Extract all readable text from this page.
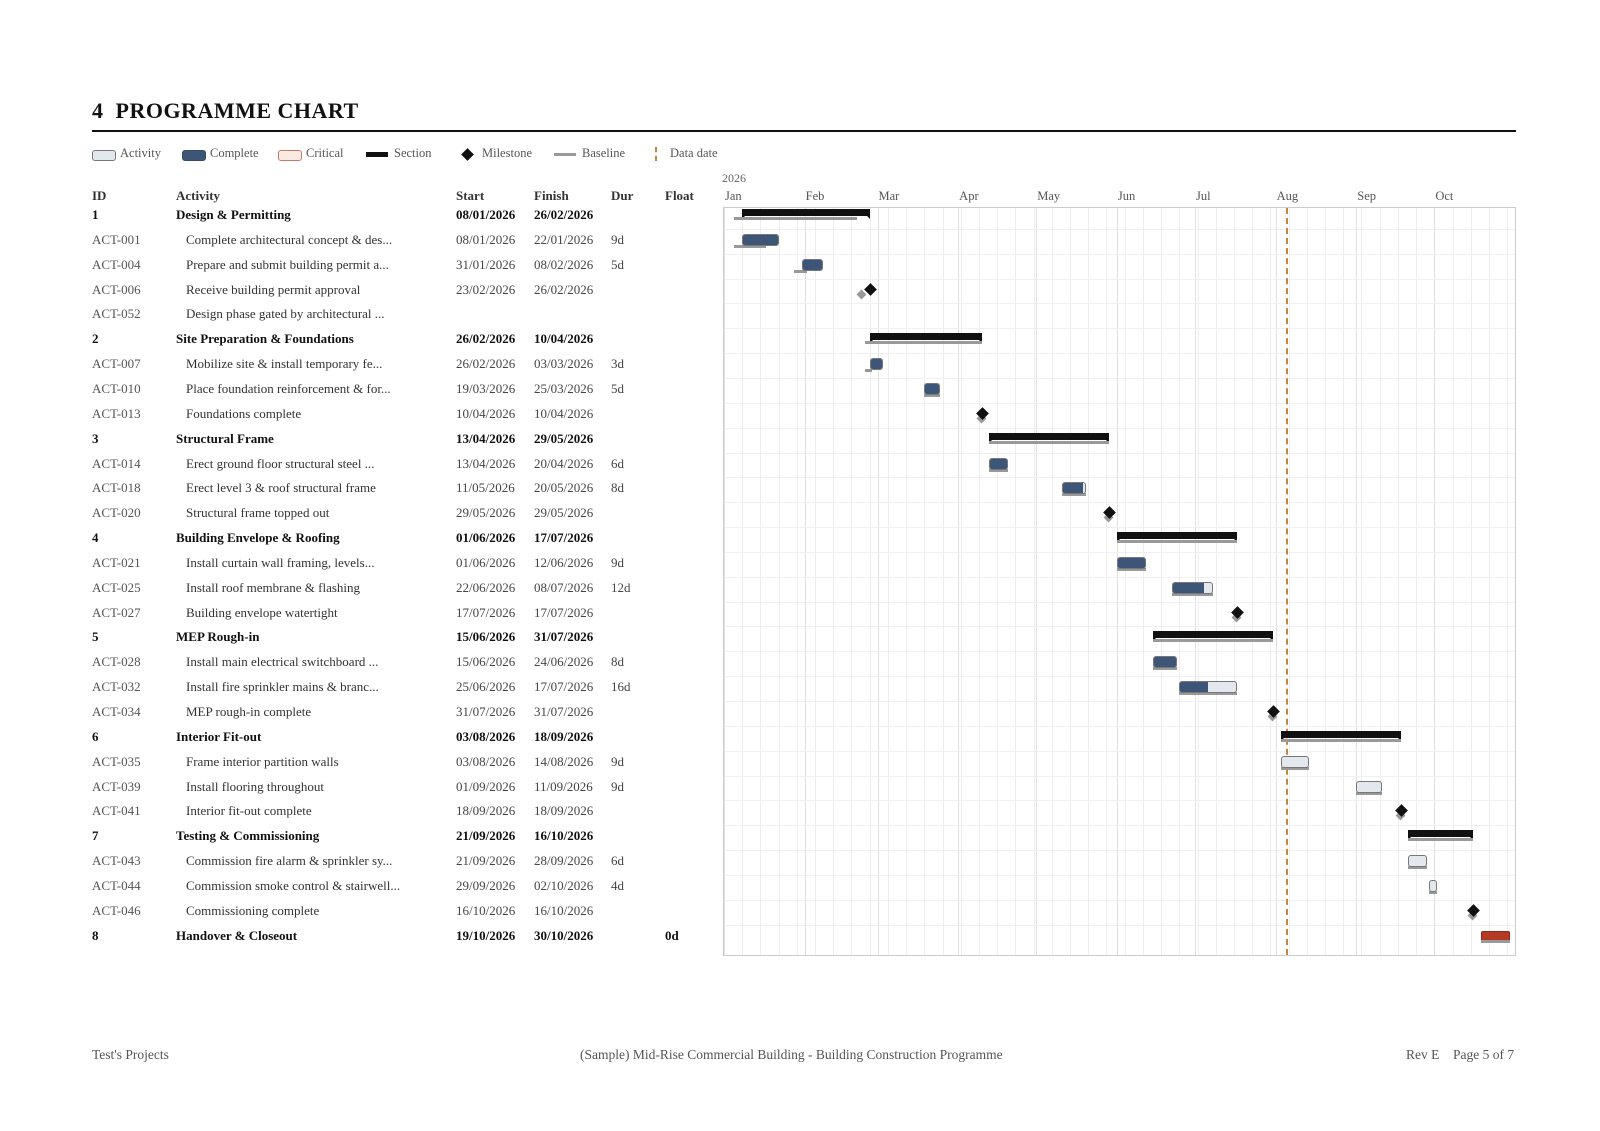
4 PROGRAMME CHART
Activity	Complete	Critical	Section	Milestone	Baseline	Data date
ID	Activity	Start	Finish	Dur Float
2026
Jan	Feb	Mar	Apr	May	Jun	Jul	Aug	Sep	Oct
1	Design & Permitting	08/01/2026 26/02/2026
ACT-001	Complete architectural concept & des...	08/01/2026 22/01/2026 9d
ACT-004	Prepare and submit building permit a...	31/01/2026 08/02/2026 5d
ACT-006	Receive building permit approval	23/02/2026 26/02/2026
ACT-052	Design phase gated by architectural ...
2	Site Preparation & Foundations	26/02/2026 10/04/2026
ACT-007	Mobilize site & install temporary fe...	26/02/2026 03/03/2026 3d
ACT-010	Place foundation reinforcement & for...	19/03/2026 25/03/2026 5d
ACT-013	Foundations complete	10/04/2026 10/04/2026
3	Structural Frame	13/04/2026 29/05/2026
ACT-014	Erect ground floor structural steel ...	13/04/2026 20/04/2026 6d
ACT-018	Erect level 3 & roof structural frame	11/05/2026 20/05/2026 8d
ACT-020	Structural frame topped out	29/05/2026 29/05/2026
4	Building Envelope & Roofing	01/06/2026 17/07/2026
ACT-021	Install curtain wall framing, levels...	01/06/2026 12/06/2026 9d
ACT-025	Install roof membrane & flashing	22/06/2026 08/07/2026 12d
ACT-027	Building envelope watertight	17/07/2026 17/07/2026
5	MEP Rough-in	15/06/2026 31/07/2026
ACT-028	Install main electrical switchboard ...	15/06/2026 24/06/2026 8d
ACT-032	Install fire sprinkler mains & branc...	25/06/2026 17/07/2026 16d
ACT-034	MEP rough-in complete	31/07/2026 31/07/2026
6	Interior Fit-out	03/08/2026 18/09/2026
ACT-035	Frame interior partition walls	03/08/2026 14/08/2026 9d
ACT-039	Install flooring throughout	01/09/2026 11/09/2026 9d
ACT-041	Interior fit-out complete	18/09/2026 18/09/2026
7	Testing & Commissioning	21/09/2026 16/10/2026
ACT-043	Commission fire alarm & sprinkler sy...	21/09/2026 28/09/2026 6d
ACT-044	Commission smoke control & stairwell...	29/09/2026 02/10/2026 4d
ACT-046	Commissioning complete	16/10/2026 16/10/2026
8	Handover & Closeout	19/10/2026 30/10/2026	0d
Test's Projects	(Sample) Mid-Rise Commercial Building - Building Construction Programme	Rev E Page 5 of 7
